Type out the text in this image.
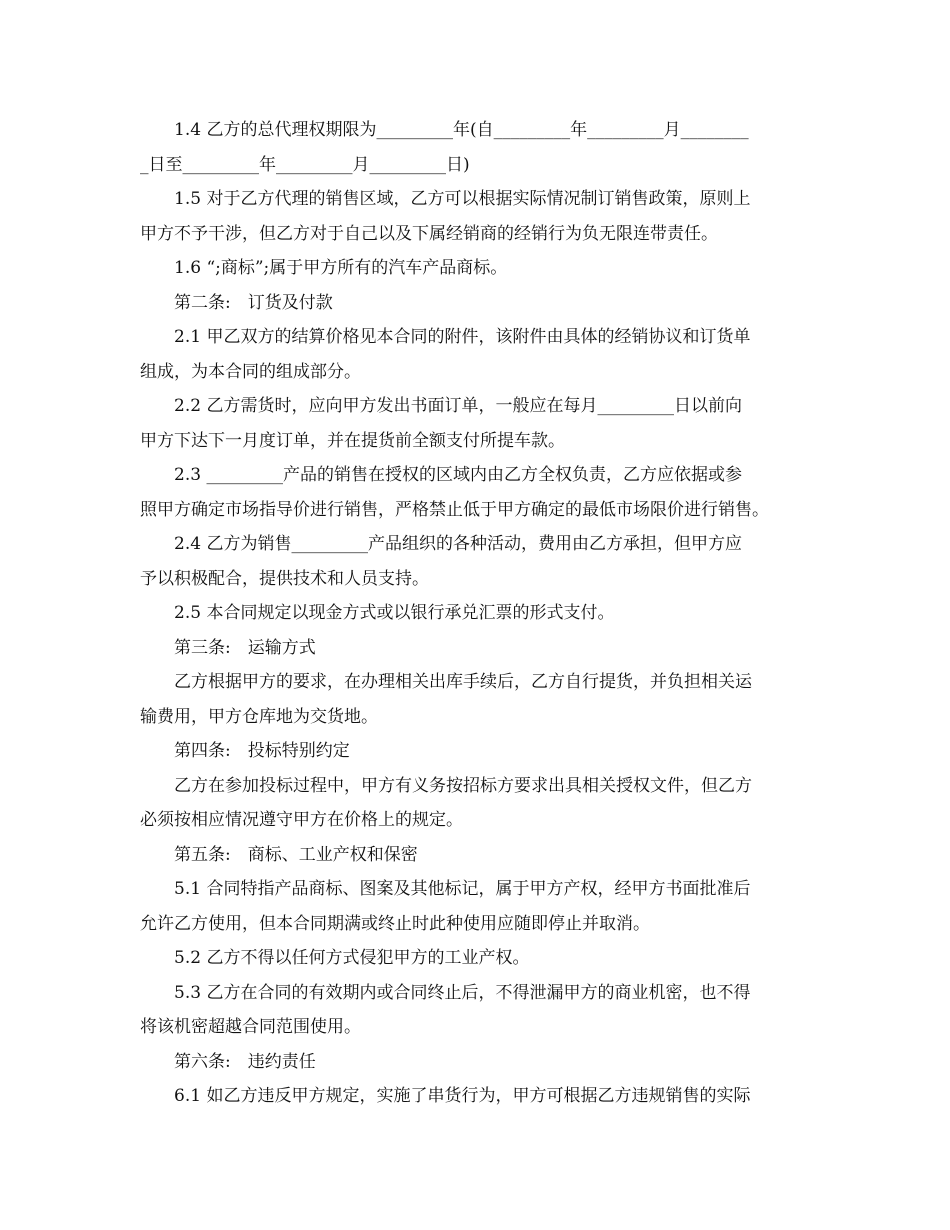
1.4 乙方的总代理权期限为_________年(自_________年_________月________
_日至_________年_________月_________日)
1.5 对于乙方代理的销售区域，乙方可以根据实际情况制订销售政策，原则上
甲方不予干涉，但乙方对于自己以及下属经销商的经销行为负无限连带责任。
1.6 “;商标”;属于甲方所有的汽车产品商标。
第二条:　订货及付款
2.1 甲乙双方的结算价格见本合同的附件，该附件由具体的经销协议和订货单
组成，为本合同的组成部分。
2.2 乙方需货时，应向甲方发出书面订单，一般应在每月_________日以前向
甲方下达下一月度订单，并在提货前全额支付所提车款。
2.3 _________产品的销售在授权的区域内由乙方全权负责，乙方应依据或参
照甲方确定市场指导价进行销售，严格禁止低于甲方确定的最低市场限价进行销售。
2.4 乙方为销售_________产品组织的各种活动，费用由乙方承担，但甲方应
予以积极配合，提供技术和人员支持。
2.5 本合同规定以现金方式或以银行承兑汇票的形式支付。
第三条:　运输方式
乙方根据甲方的要求，在办理相关出库手续后，乙方自行提货，并负担相关运
输费用，甲方仓库地为交货地。
第四条:　投标特别约定
乙方在参加投标过程中，甲方有义务按招标方要求出具相关授权文件，但乙方
必须按相应情况遵守甲方在价格上的规定。
第五条:　商标、工业产权和保密
5.1 合同特指产品商标、图案及其他标记，属于甲方产权，经甲方书面批准后
允许乙方使用，但本合同期满或终止时此种使用应随即停止并取消。
5.2 乙方不得以任何方式侵犯甲方的工业产权。
5.3 乙方在合同的有效期内或合同终止后，不得泄漏甲方的商业机密，也不得
将该机密超越合同范围使用。
第六条:　违约责任
6.1 如乙方违反甲方规定，实施了串货行为，甲方可根据乙方违规销售的实际
